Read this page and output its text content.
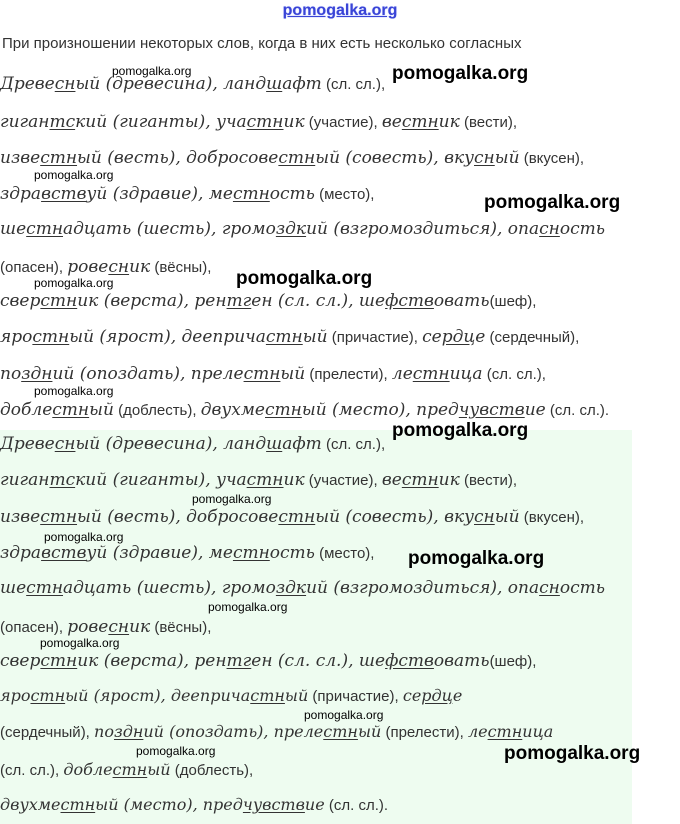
pomogalka.org
При произношении некоторых слов, когда в них есть несколько согласных
Древесный (древесина), ландшафт (сл. сл.),
гигантский (гиганты), участник (участие), вестник (вести),
известный (весть), добросовестный (совесть), вкусный (вкусен),
здравствуй (здравие), местность (место),
шестнадцать (шесть), громоздкий (взгромоздиться), опасность
(опасен), ровесник (вёсны),
сверстник (верста), рентген (сл. сл.), шефствовать(шеф),
яростный (ярост), деепричастный (причастие), сердце (сердечный),
поздний (опоздать), прелестный (прелести), лестница (сл. сл.),
доблестный (доблесть), двухместный (место), предчувствие (сл. сл.).
Древесный (древесина), ландшафт (сл. сл.),
гигантский (гиганты), участник (участие), вестник (вести),
известный (весть), добросовестный (совесть), вкусный (вкусен),
здравствуй (здравие), местность (место),
шестнадцать (шесть), громоздкий (взгромоздиться), опасность
(опасен), ровесник (вёсны),
сверстник (верста), рентген (сл. сл.), шефствовать(шеф),
яростный (ярост), деепричастный (причастие), сердце
(сердечный), поздний (опоздать), прелестный (прелести), лестница
(сл. сл.), доблестный (доблесть),
двухместный (место), предчувствие (сл. сл.).
pomogalka.org	pomogalka.org
pomogalka.org
pomogalka.org
pomogalka.org
pomogalka.org
pomogalka.org
pomogalka.org
pomogalka.org
pomogalka.org
pomogalka.org
pomogalka.org
pomogalka.org
pomogalka.org
pomogalka.org	pomogalka.org
